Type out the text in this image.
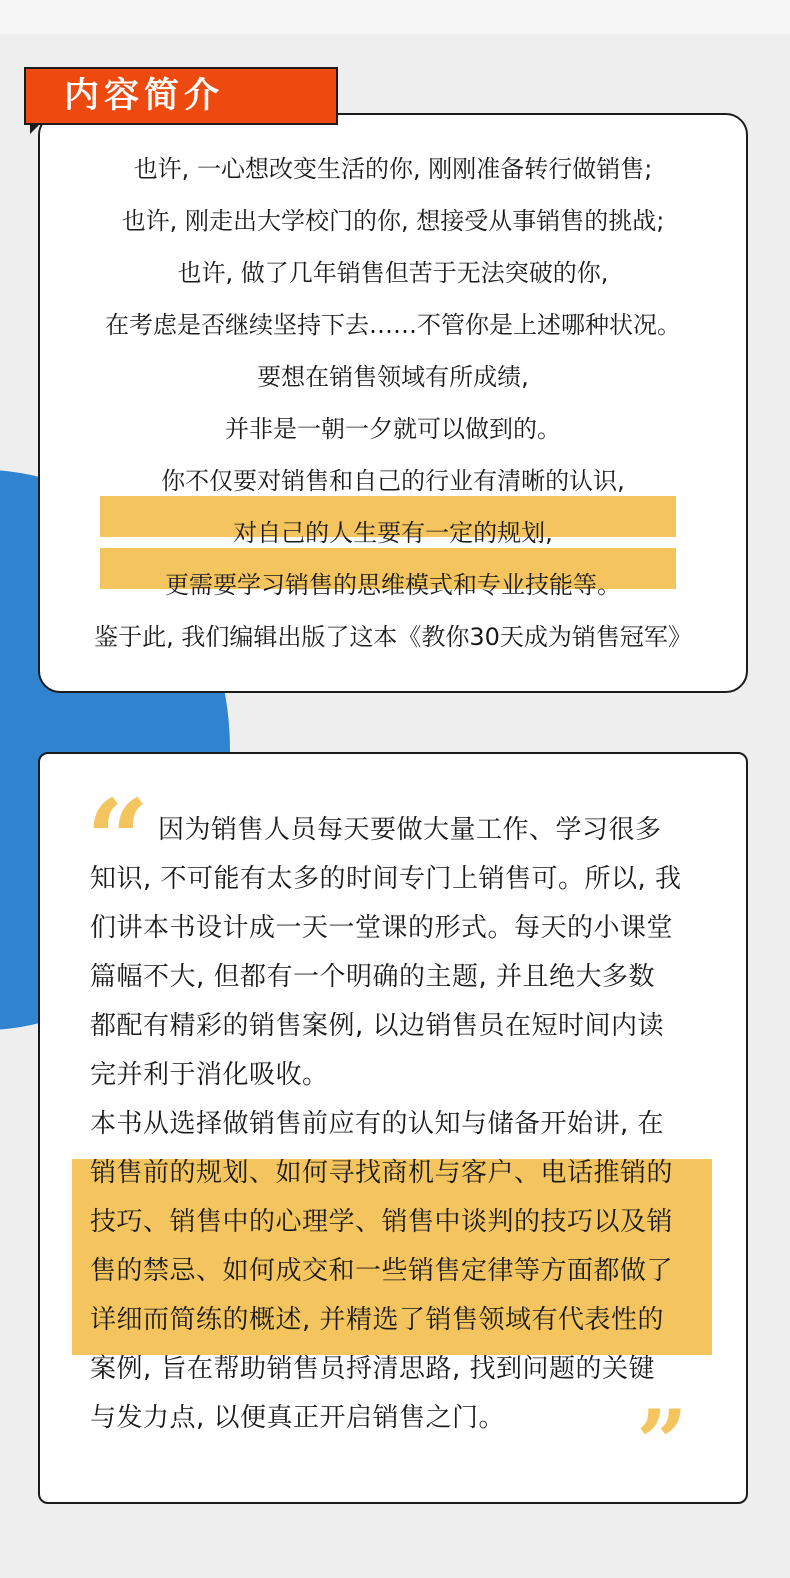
内容简介
也许, 一心想改变生活的你, 刚刚准备转行做销售;
也许, 刚走出大学校门的你, 想接受从事销售的挑战;
也许, 做了几年销售但苦于无法突破的你,
在考虑是否继续坚持下去……不管你是上述哪种状况。
要想在销售领域有所成绩,
并非是一朝一夕就可以做到的。
你不仅要对销售和自己的行业有清晰的认识,
对自己的人生要有一定的规划,
更需要学习销售的思维模式和专业技能等。
鉴于此, 我们编辑出版了这本《教你30天成为销售冠军》
“ 因为销售人员每天要做大量工作、学习很多

知识, 不可能有太多的时间专门上销售可。所以, 我

们讲本书设计成一天一堂课的形式。每天的小课堂

篇幅不大, 但都有一个明确的主题, 并且绝大多数

都配有精彩的销售案例, 以边销售员在短时间内读

完并利于消化吸收。

本书从选择做销售前应有的认知与储备开始讲, 在

销售前的规划、如何寻找商机与客户、电话推销的

技巧、销售中的心理学、销售中谈判的技巧以及销

售的禁忌、如何成交和一些销售定律等方面都做了

详细而简练的概述, 并精选了销售领域有代表性的

案例, 旨在帮助销售员捋清思路, 找到问题的关键

与发力点, 以便真正开启销售之门。	”
